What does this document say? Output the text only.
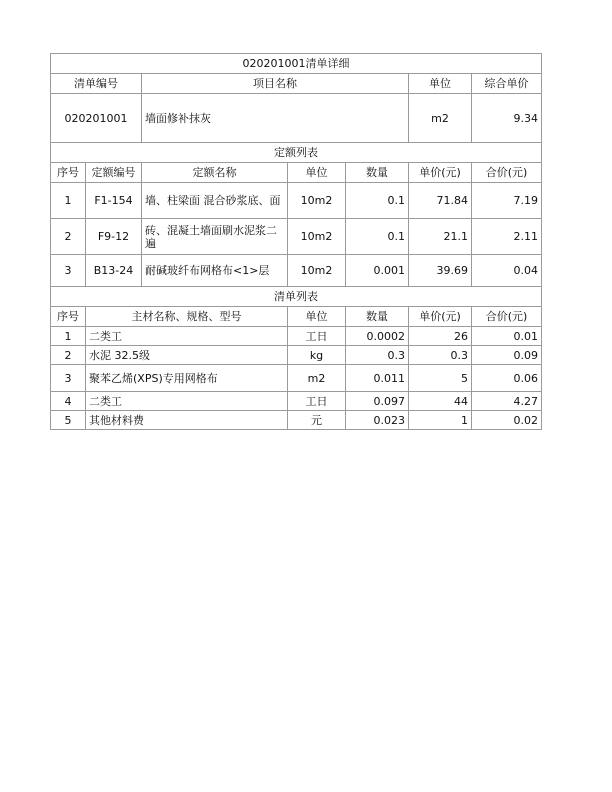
020201001清单详细						
清单编号		项目名称			单位	综合单价
020201001		墙面修补抹灰			m2	9.34
定额列表						
序号	定额编号	定额名称	单位	数量	单价(元)	合价(元)
1	F1-154	墙、柱梁面 混合砂浆底、面	10m2	0.1	71.84	7.19
2	F9-12	砖、混凝土墙面刷水泥浆二遍	10m2	0.1	21.1	2.11
3	B13-24	耐碱玻纤布网格布<1>层	10m2	0.001	39.69	0.04
清单列表						
序号	主材名称、规格、型号		单位	数量	单价(元)	合价(元)
1	二类工		工日	0.0002	26	0.01
2	水泥 32.5级		kg	0.3	0.3	0.09
3	聚苯乙烯(XPS)专用网格布		m2	0.011	5	0.06
4	二类工		工日	0.097	44	4.27
5	其他材料费		元	0.023	1	0.02
